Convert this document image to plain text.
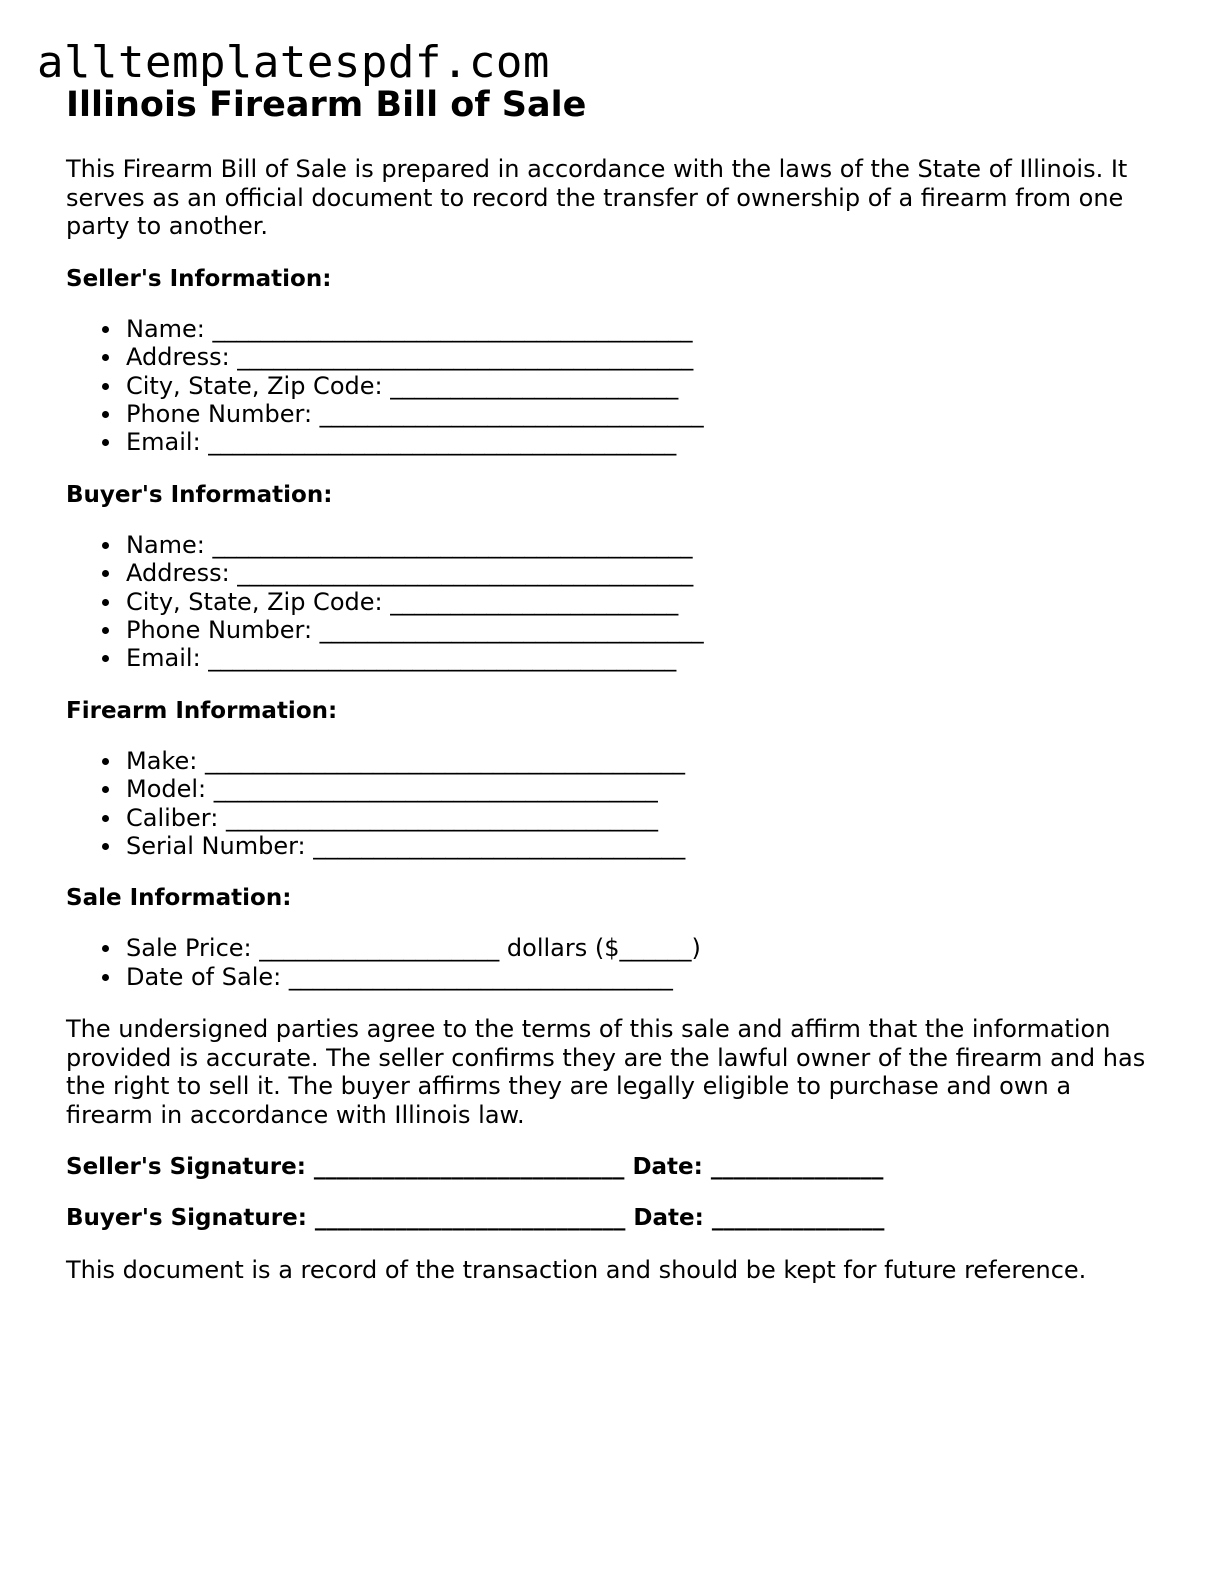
alltemplatespdf.com
Illinois Firearm Bill of Sale

This Firearm Bill of Sale is prepared in accordance with the laws of the State of Illinois. It serves as an official document to record the transfer of ownership of a firearm from one party to another.

Seller's Information:
Name: ________________________________________
Address: ______________________________________
City, State, Zip Code: ________________________
Phone Number: ________________________________
Email: _______________________________________
Buyer's Information:
Name: ________________________________________
Address: ______________________________________
City, State, Zip Code: ________________________
Phone Number: ________________________________
Email: _______________________________________
Firearm Information:
Make: ________________________________________
Model: _____________________________________
Caliber: ____________________________________
Serial Number: _______________________________
Sale Information:
Sale Price: ____________________ dollars ($______)
Date of Sale: ________________________________

The undersigned parties agree to the terms of this sale and affirm that the information provided is accurate. The seller confirms they are the lawful owner of the firearm and has the right to sell it. The buyer affirms they are legally eligible to purchase and own a firearm in accordance with Illinois law.

Seller's Signature: ___________________________ Date: _______________
Buyer's Signature: ___________________________ Date: _______________

This document is a record of the transaction and should be kept for future reference.
